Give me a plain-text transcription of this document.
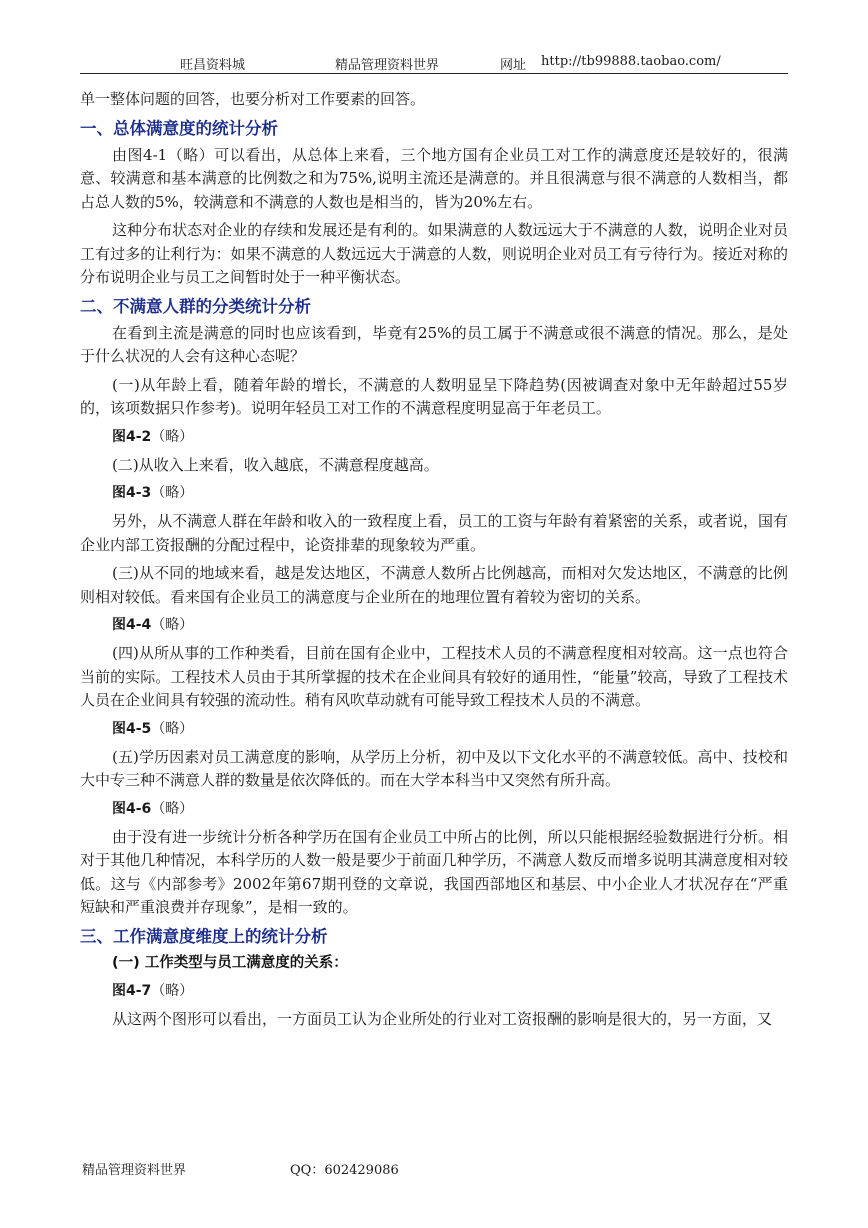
旺昌资料城	精品管理资料世界	网址 http://tb99888.taobao.com/

单一整体问题的回答，也要分析对工作要素的回答。

一、总体满意度的统计分析

由图4-1（略）可以看出，从总体上来看，三个地方国有企业员工对工作的满意度还是较好的，很满意、较满意和基本满意的比例数之和为75%,说明主流还是满意的。并且很满意与很不满意的人数相当，都占总人数的5%，较满意和不满意的人数也是相当的，皆为20%左右。

这种分布状态对企业的存续和发展还是有利的。如果满意的人数远远大于不满意的人数，说明企业对员工有过多的让利行为：如果不满意的人数远远大于满意的人数，则说明企业对员工有亏待行为。接近对称的分布说明企业与员工之间暂时处于一种平衡状态。

二、不满意人群的分类统计分析

在看到主流是满意的同时也应该看到，毕竟有25%的员工属于不满意或很不满意的情况。那么，是处于什么状况的人会有这种心态呢？

(一)从年龄上看，随着年龄的增长，不满意的人数明显呈下降趋势(因被调查对象中无年龄超过55岁的，该项数据只作参考)。说明年轻员工对工作的不满意程度明显高于年老员工。

图4-2（略）

(二)从收入上来看，收入越底，不满意程度越高。

图4-3（略）

另外，从不满意人群在年龄和收入的一致程度上看，员工的工资与年龄有着紧密的关系，或者说，国有企业内部工资报酬的分配过程中，论资排辈的现象较为严重。

(三)从不同的地域来看，越是发达地区，不满意人数所占比例越高，而相对欠发达地区，不满意的比例则相对较低。看来国有企业员工的满意度与企业所在的地理位置有着较为密切的关系。

图4-4（略）

(四)从所从事的工作种类看，目前在国有企业中，工程技术人员的不满意程度相对较高。这一点也符合当前的实际。工程技术人员由于其所掌握的技术在企业间具有较好的通用性，“能量”较高，导致了工程技术人员在企业间具有较强的流动性。稍有风吹草动就有可能导致工程技术人员的不满意。

图4-5（略）

(五)学历因素对员工满意度的影响，从学历上分析，初中及以下文化水平的不满意较低。高中、技校和大中专三种不满意人群的数量是依次降低的。而在大学本科当中又突然有所升高。

图4-6（略）

由于没有进一步统计分析各种学历在国有企业员工中所占的比例，所以只能根据经验数据进行分析。相对于其他几种情况，本科学历的人数一般是要少于前面几种学历，不满意人数反而增多说明其满意度相对较低。这与《内部参考》2002年第67期刊登的文章说，我国西部地区和基层、中小企业人才状况存在“严重短缺和严重浪费并存现象”，是相一致的。

三、工作满意度维度上的统计分析
(一) 工作类型与员工满意度的关系：
图4-7（略）

从这两个图形可以看出，一方面员工认为企业所处的行业对工资报酬的影响是很大的，另一方面，又

精品管理资料世界	QQ：602429086
